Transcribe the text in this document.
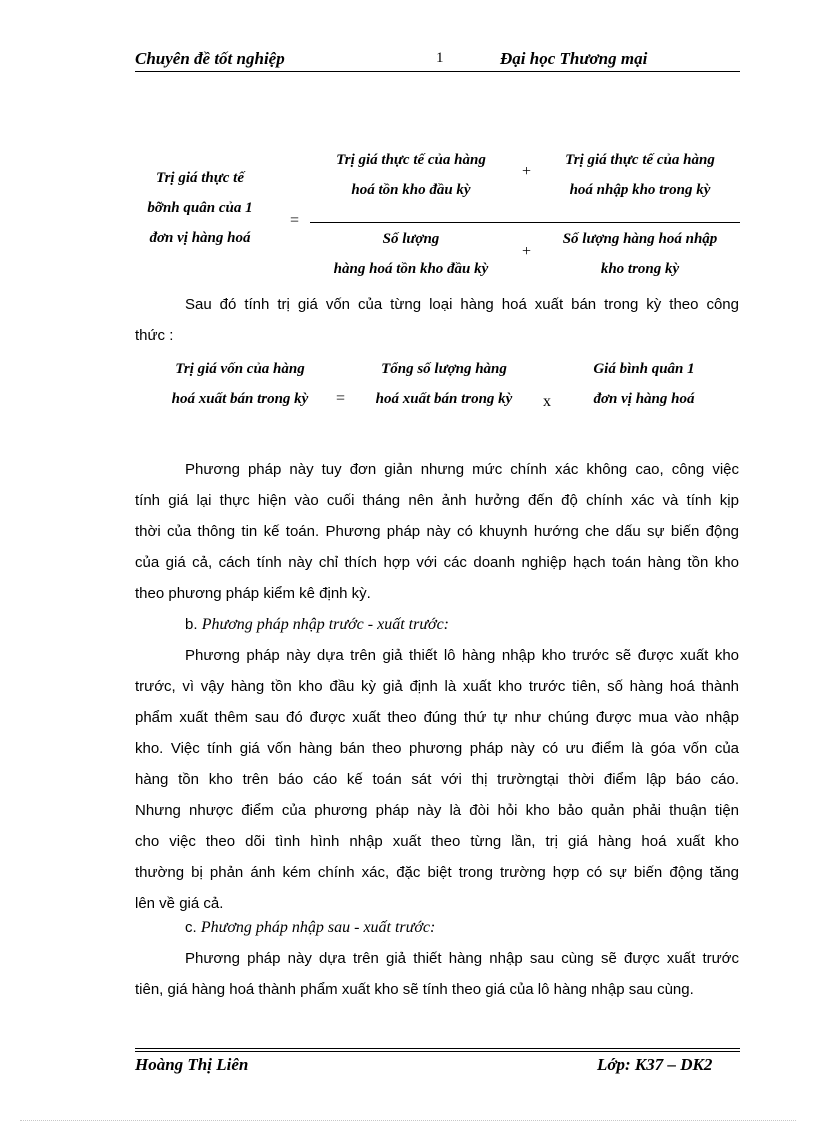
Chuyên đề tốt nghiệp	1	Đại học Thương mại
Trị giá thực tế
bỡnh quân của 1
đơn vị hàng hoá
=
Trị giá thực tế của hàng
hoá tồn kho đầu kỳ
+
Trị giá thực tế của hàng
hoá nhập kho trong kỳ
Số lượng
hàng hoá tồn kho đầu kỳ
+
Số lượng hàng hoá nhập
kho trong kỳ
Sau đó tính trị giá vốn của từng loại hàng hoá xuất bán trong kỳ theo công
thức :
Trị giá vốn của hàng
hoá xuất bán trong kỳ	=
Tổng số lượng hàng
hoá xuất bán trong kỳ	x
Giá bình quân 1
đơn vị hàng hoá
Phương pháp này tuy đơn giản nhưng mức chính xác không cao, công việc
tính giá lại thực hiện vào cuối tháng nên ảnh hưởng đến độ chính xác và tính kịp
thời của thông tin kế toán. Phương pháp này có khuynh hướng che dấu sự biến động
của giá cả, cách tính này chỉ thích hợp với các doanh nghiệp hạch toán hàng tồn kho
theo phương pháp kiểm kê định kỳ.
b. Phương pháp nhập trước - xuất trước:
Phương pháp này dựa trên giả thiết lô hàng nhập kho trước sẽ được xuất kho
trước, vì vậy hàng tồn kho đầu kỳ giả định là xuất kho trước tiên, số hàng hoá thành
phẩm xuất thêm sau đó được xuất theo đúng thứ tự như chúng được mua vào nhập
kho. Việc tính giá vốn hàng bán theo phương pháp này có ưu điểm là góa vốn của
hàng tồn kho trên báo cáo kế toán sát với thị trườngtại thời điểm lập báo cáo.
Nhưng nhược điểm của phương pháp này là đòi hỏi kho bảo quản phải thuận tiện
cho việc theo dõi tình hình nhập xuất theo từng lần, trị giá hàng hoá xuất kho
thường bị phản ánh kém chính xác, đặc biệt trong trường hợp có sự biến động tăng
lên về giá cả.
c. Phương pháp nhập sau - xuất trước:
Phương pháp này dựa trên giả thiết hàng nhập sau cùng sẽ được xuất trước
tiên, giá hàng hoá thành phẩm xuất kho sẽ tính theo giá của lô hàng nhập sau cùng.
Hoàng Thị Liên	Lớp: K37 – DK2
